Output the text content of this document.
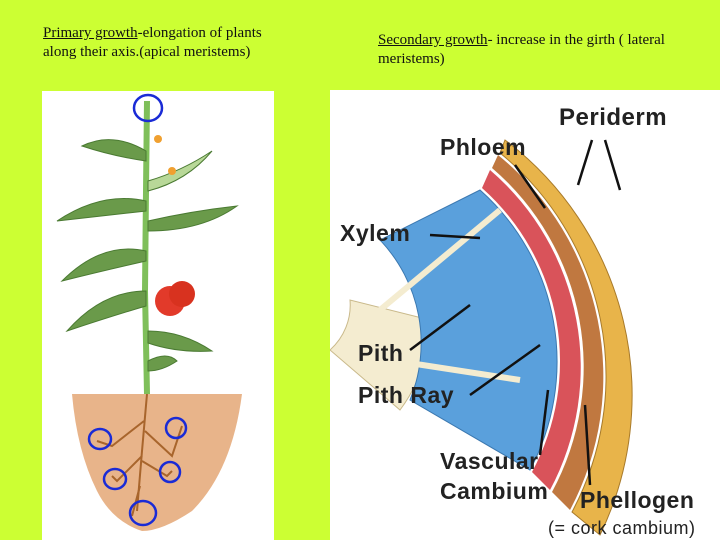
Primary growth-elongation of plants along their axis.(apical meristems)
Secondary growth- increase in the girth ( lateral meristems)
Periderm
Phloem
Xylem
Pith
Pith Ray
Vascular
Cambium Phellogen
(= cork cambium)
